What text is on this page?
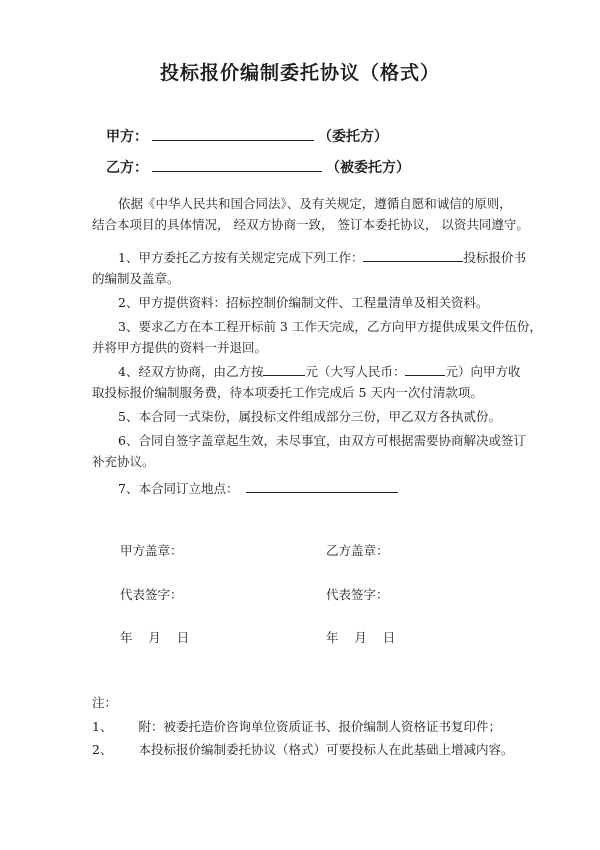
投标报价编制委托协议（格式）
甲方：	（委托方）
乙方：	（被委托方）
依据《中华人民共和国合同法》、及有关规定，遵循自愿和诚信的原则，
结合本项目的具体情况， 经双方协商一致， 签订本委托协议， 以资共同遵守。
1、甲方委托乙方按有关规定完成下列工作：	投标报价书
的编制及盖章。
2、甲方提供资料：招标控制价编制文件、工程量清单及相关资料。
3、要求乙方在本工程开标前 3 工作天完成，乙方向甲方提供成果文件伍份，
并将甲方提供的资料一并退回。
4、经双方协商，由乙方按	元（大写人民币：	元）向甲方收
取投标报价编制服务费，待本项委托工作完成后 5 天内一次付清款项。
5、本合同一式柒份，属投标文件组成部分三份，甲乙双方各执贰份。
6、合同自签字盖章起生效，未尽事宜，由双方可根据需要协商解决或签订
补充协议。
7、本合同订立地点：
甲方盖章：	乙方盖章：
代表签字：	代表签字：
年    月    日	年    月    日
注：
1、 附：被委托造价咨询单位资质证书、报价编制人资格证书复印件；
2、 本投标报价编制委托协议（格式）可要投标人在此基础上增减内容。
